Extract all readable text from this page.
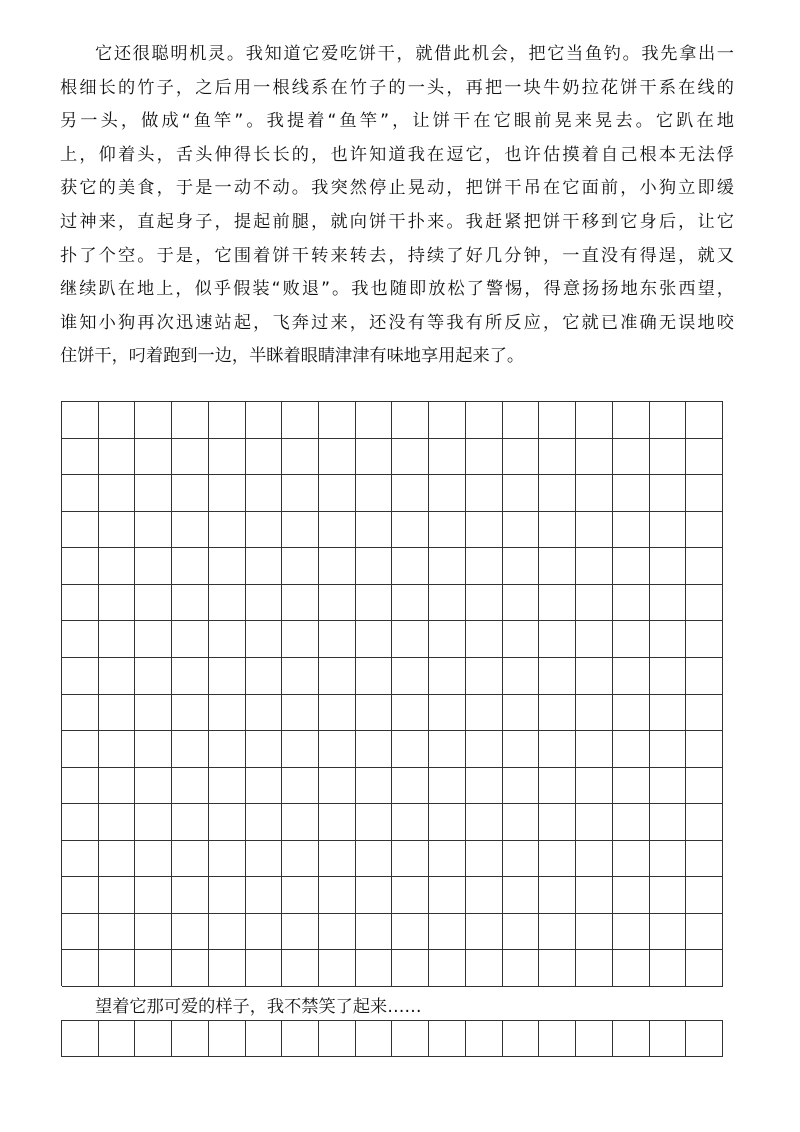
它还很聪明机灵。我知道它爱吃饼干，就借此机会，把它当鱼钓。我先拿出一
根细长的竹子，之后用一根线系在竹子的一头，再把一块牛奶拉花饼干系在线的
另一头，做成“鱼竿”。我提着“鱼竿”，让饼干在它眼前晃来晃去。它趴在地
上，仰着头，舌头伸得长长的，也许知道我在逗它，也许估摸着自己根本无法俘
获它的美食，于是一动不动。我突然停止晃动，把饼干吊在它面前，小狗立即缓
过神来，直起身子，提起前腿，就向饼干扑来。我赶紧把饼干移到它身后，让它
扑了个空。于是，它围着饼干转来转去，持续了好几分钟，一直没有得逞，就又
继续趴在地上，似乎假装“败退”。我也随即放松了警惕，得意扬扬地东张西望，
谁知小狗再次迅速站起，飞奔过来，还没有等我有所反应，它就已准确无误地咬
住饼干，叼着跑到一边，半眯着眼睛津津有味地享用起来了。
望着它那可爱的样子，我不禁笑了起来……
